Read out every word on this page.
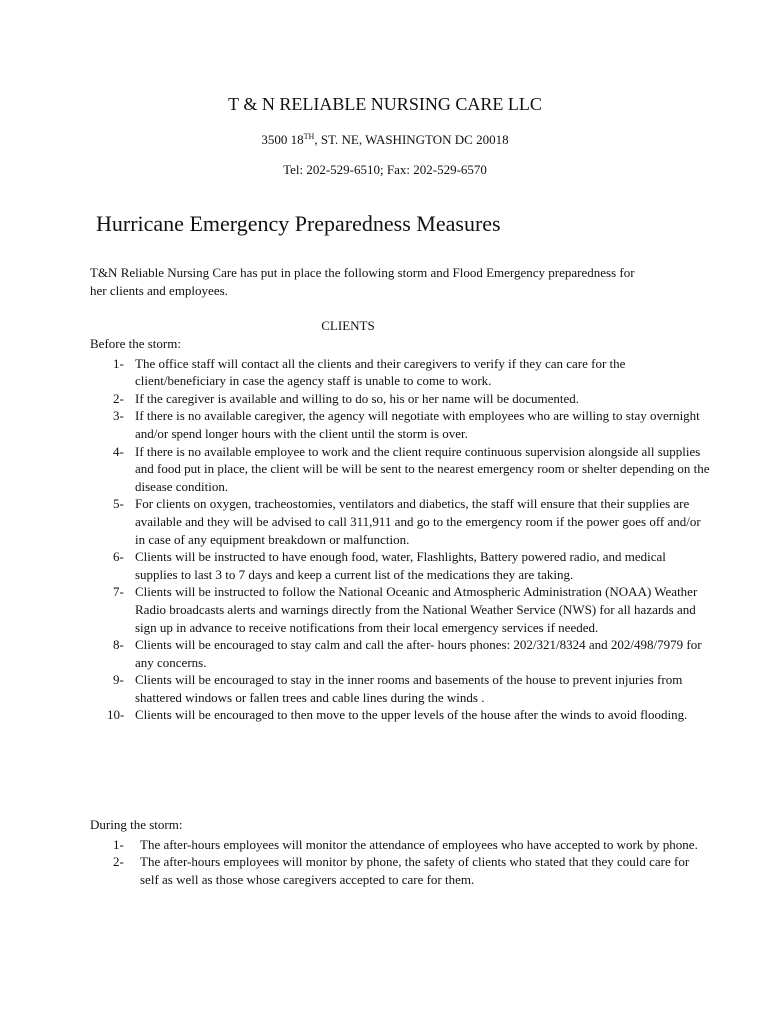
T & N RELIABLE NURSING CARE LLC
3500 18TH, ST. NE, WASHINGTON DC 20018
Tel: 202-529-6510; Fax: 202-529-6570
Hurricane Emergency Preparedness Measures
T&N Reliable Nursing Care has put in place the following storm and Flood Emergency preparedness for her clients and employees.
CLIENTS
Before the storm:
1- The office staff will contact all the clients and their caregivers to verify if they can care for the client/beneficiary in case the agency staff is unable to come to work.
2- If the caregiver is available and willing to do so, his or her name will be documented.
3- If there is no available caregiver, the agency will negotiate with employees who are willing to stay overnight and/or spend longer hours with the client until the storm is over.
4- If there is no available employee to work and the client require continuous supervision alongside all supplies and food put in place, the client will be will be sent to the nearest emergency room or shelter depending on the disease condition.
5- For clients on oxygen, tracheostomies, ventilators and diabetics, the staff will ensure that their supplies are available and they will be advised to call 311,911 and go to the emergency room if the power goes off and/or in case of any equipment breakdown or malfunction.
6- Clients will be instructed to have enough food, water, Flashlights, Battery powered radio, and medical supplies to last 3 to 7 days and keep a current list of the medications they are taking.
7- Clients will be instructed to follow the National Oceanic and Atmospheric Administration (NOAA) Weather Radio broadcasts alerts and warnings directly from the National Weather Service (NWS) for all hazards and sign up in advance to receive notifications from their local emergency services if needed.
8- Clients will be encouraged to stay calm and call the after- hours phones: 202/321/8324 and 202/498/7979 for any concerns.
9- Clients will be encouraged to stay in the inner rooms and basements of the house to prevent injuries from shattered windows or fallen trees and cable lines during the winds .
10- Clients will be encouraged to then move to the upper levels of the house after the winds to avoid flooding.
During the storm:
1- The after-hours employees will monitor the attendance of employees who have accepted to work by phone.
2- The after-hours employees will monitor by phone, the safety of clients who stated that they could care for self as well as those whose caregivers accepted to care for them.
